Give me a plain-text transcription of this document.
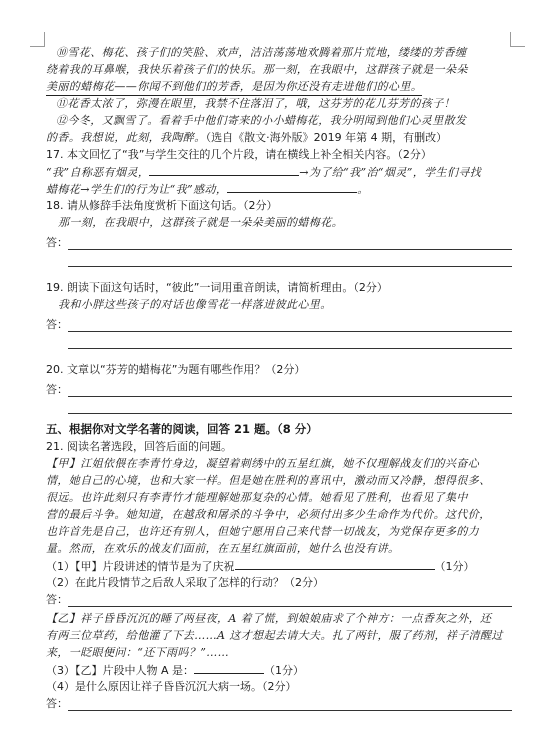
⑩雪花、梅花、孩子们的笑脸、欢声，洁洁荡荡地欢腾着那片荒地，缕缕的芳香缠
绕着我的耳鼻喉，我快乐着孩子们的快乐。那一刻，在我眼中，这群孩子就是一朵朵
美丽的蜡梅花——你闻不到他们的芳香，是因为你还没有走进他们的心里。
⑪花香太浓了，弥漫在眼里，我禁不住落泪了，哦，这芬芳的花儿芬芳的孩子！
⑫今冬，又飘雪了。看着手中他们寄来的小小蜡梅花，我分明闻到他们心灵里散发
的香。我想说，此刻，我陶醉。（选自《散文·海外版》2019 年第 4 期，有删改）
17. 本文回忆了“我”与学生交往的几个片段，请在横线上补全相关内容。（2分）
“我”自称恶有烟灵，	→为了给“我”治“烟灵”，学生们寻找
蜡梅花→学生们的行为让“我”感动，	。
18. 请从修辞手法角度赏析下面这句话。（2分）
那一刻，在我眼中，这群孩子就是一朵朵美丽的蜡梅花。
答：
19. 朗读下面这句话时，“彼此”一词用重音朗读，请简析理由。（2分）
我和小胖这些孩子的对话也像雪花一样落进彼此心里。
答：
20. 文章以“芬芳的蜡梅花”为题有哪些作用？（2分）
答：
五、根据你对文学名著的阅读，回答 21 题。（8 分）
21. 阅读名著选段，回答后面的问题。
【甲】江姐依偎在李青竹身边，凝望着刺绣中的五星红旗，她不仅理解战友们的兴奋心
情，她自己的心境，也和大家一样。但是她在胜利的喜讯中，激动而又冷静，想得很多、
很远。也许此刻只有李青竹才能理解她那复杂的心情。她看见了胜利，也看见了集中
营的最后斗争。她知道，在越敌和屠杀的斗争中，必须付出多少生命作为代价。这代价，
也许首先是自己，也许还有别人，但她宁愿用自己来代替一切战友，为党保存更多的力
量。然而，在欢乐的战友们面前，在五星红旗面前，她什么也没有讲。
（1）【甲】片段讲述的情节是为了庆祝	（1分）
（2）在此片段情节之后敌人采取了怎样的行动？（2分）
答：
【乙】祥子昏昏沉沉的睡了两昼夜，A 着了慌，到娘娘庙求了个神方：一点香灰之外，还
有两三位草药，给他灌了下去……A 这才想起去请大夫。扎了两针，服了药剂，祥子清醒过
来，一眨眼便问：“还下雨吗？”……
（3）【乙】片段中人物 A 是：	（1分）
（4）是什么原因让祥子昏昏沉沉大病一场。（2分）
答：
